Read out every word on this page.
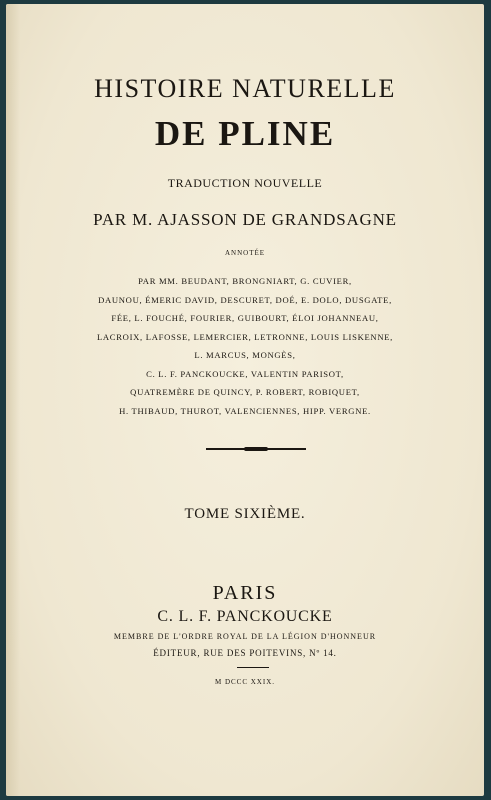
HISTOIRE NATURELLE
DE PLINE
TRADUCTION NOUVELLE
PAR M. AJASSON DE GRANDSAGNE
ANNOTÉE
PAR MM. BEUDANT, BRONGNIART, G. CUVIER,
DAUNOU, ÉMERIC DAVID, DESCURET, DOÉ, E. DOLO, DUSGATE,
FÉE, L. FOUCHÉ, FOURIER, GUIBOURT, ÉLOI JOHANNEAU,
LACROIX, LAFOSSE, LEMERCIER, LETRONNE, LOUIS LISKENNE,
L. MARCUS, MONGÈS,
C. L. F. PANCKOUCKE, VALENTIN PARISOT,
QUATREMÈRE DE QUINCY, P. ROBERT, ROBIQUET,
H. THIBAUD, THUROT, VALENCIENNES, HIPP. VERGNE.
TOME SIXIÈME.
PARIS
C. L. F. PANCKOUCKE
MEMBRE DE L'ORDRE ROYAL DE LA LÉGION D'HONNEUR
ÉDITEUR, RUE DES POITEVINS, Nº 14.
M DCCC XXIX.
